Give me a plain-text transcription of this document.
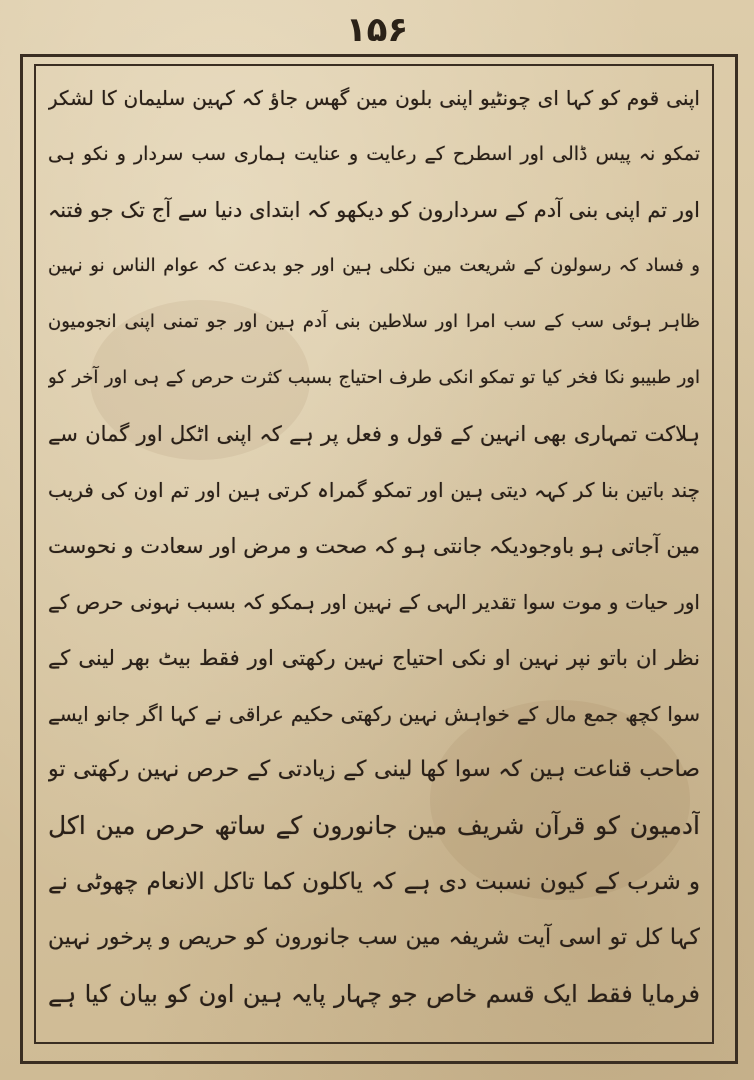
۱۵۶
اپنی قوم کو کہا ای چونٹیو اپنی بلون مین گھس جاؤ کہ کہین سلیمان کا لشکر
تمکو نہ پیس ڈالی اور اسطرح کے رعایت و عنایت ہماری سب سردار و نکو ہی
اور تم اپنی بنی آدم کے سردارون کو دیکھو کہ ابتدای دنیا سے آج تک جو فتنہ
و فساد کہ رسولون کے شریعت مین نکلی ہین اور جو بدعت کہ عوام الناس نو نہین
ظاہر ہوئی سب کے سب امرا اور سلاطین بنی آدم ہین اور جو تمنی اپنی انجومیون
اور طبیبو نکا فخر کیا تو تمکو انکی طرف احتیاج بسبب کثرت حرص کے ہی اور آخر کو
ہلاکت تمہاری بھی انہین کے قول و فعل پر ہے کہ اپنی اٹکل اور گمان سے
چند باتین بنا کر کہہ دیتی ہین اور تمکو گمراہ کرتی ہین اور تم اون کی فریب
مین آجاتی ہو باوجودیکہ جانتی ہو کہ صحت و مرض اور سعادت و نحوست
اور حیات و موت سوا تقدیر الہی کے نہین اور ہمکو کہ بسبب نہونی حرص کے
نظر ان باتو نپر نہین او نکی احتیاج نہین رکھتی اور فقط بیٹ بھر لینی کے
سوا کچھ جمع مال کے خواہش نہین رکھتی حکیم عراقی نے کہا اگر جانو ایسے
صاحب قناعت ہین کہ سوا کھا لینی کے زیادتی کے حرص نہین رکھتی تو
آدمیون کو قرآن شریف مین جانورون کے ساتھ حرص مین اکل
و شرب کے کیون نسبت دی ہے کہ یاکلون کما تاکل الانعام چھوٹی نے
کہا کل تو اسی آیت شریفہ مین سب جانورون کو حریص و پرخور نہین
فرمایا فقط ایک قسم خاص جو چہار پایہ ہین اون کو بیان کیا ہے
